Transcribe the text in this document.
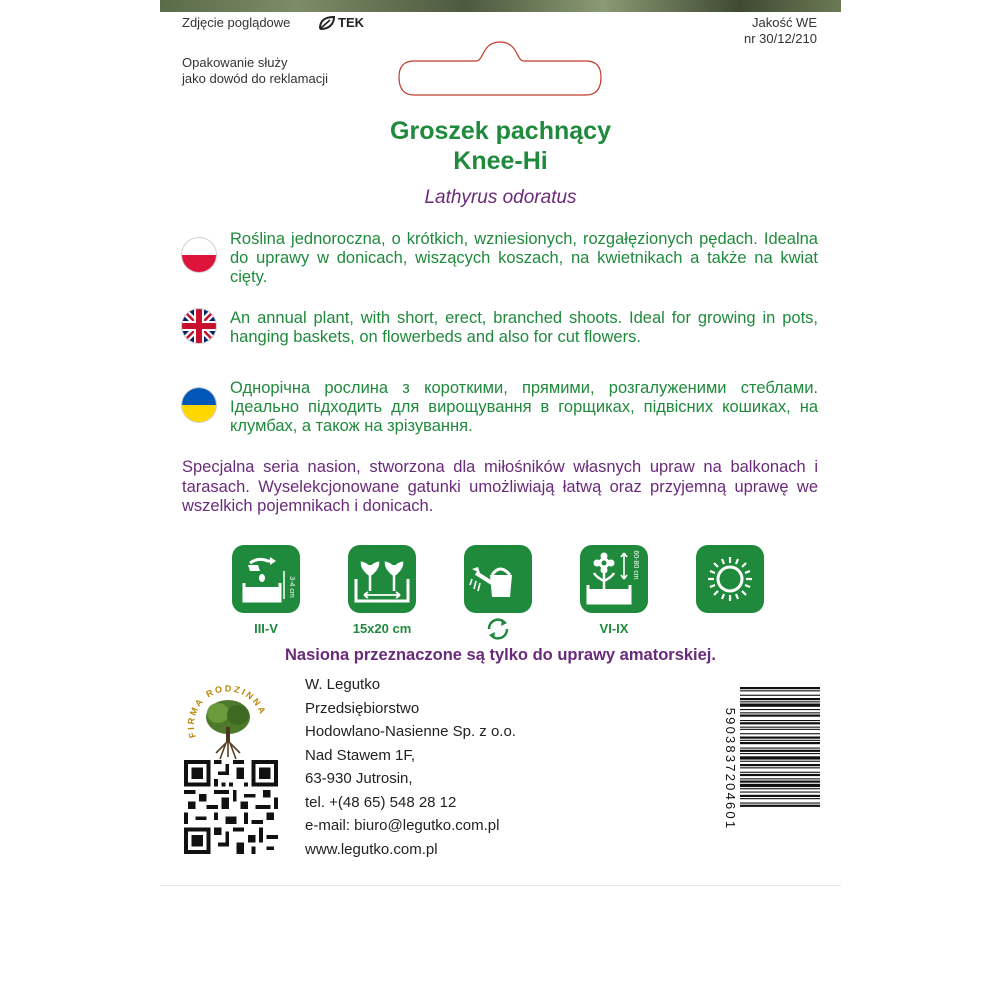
Zdjęcie poglądowe	TEK	Jakość WE
nr 30/12/210
Opakowanie służy
jako dowód do reklamacji
Groszek pachnący
Knee-Hi
Lathyrus odoratus
Roślina jednoroczna, o krótkich, wzniesionych, rozgałęzionych pędach. Idealna do uprawy w donicach, wiszących koszach, na kwietnikach a także na kwiat cięty.
An annual plant, with short, erect, branched shoots. Ideal for growing in pots, hanging baskets, on flowerbeds and also for cut flowers.
Однорічна рослина з короткими, прямими, розгалуженими стеблами. Ідеально підходить для вирощування в горщиках, підвісних кошиках, на клумбах, а також на зрізування.
Specjalna seria nasion, stworzona dla miłośników własnych upraw na balkonach i tarasach. Wyselekcjonowane gatunki umożliwiają łatwą oraz przyjemną uprawę we wszelkich pojemnikach i donicach.
3-4 cm
III-V	15x20 cm
60-80 cm
VI-IX
Nasiona przeznaczone są tylko do uprawy amatorskiej.
FIRMA RODZINNA
W. Legutko
Przedsiębiorstwo
Hodowlano-Nasienne Sp. z o.o.
Nad Stawem 1F,
63-930 Jutrosin,
tel. +(48 65) 548 28 12
e-mail: biuro@legutko.com.pl
www.legutko.com.pl
5903837204601
